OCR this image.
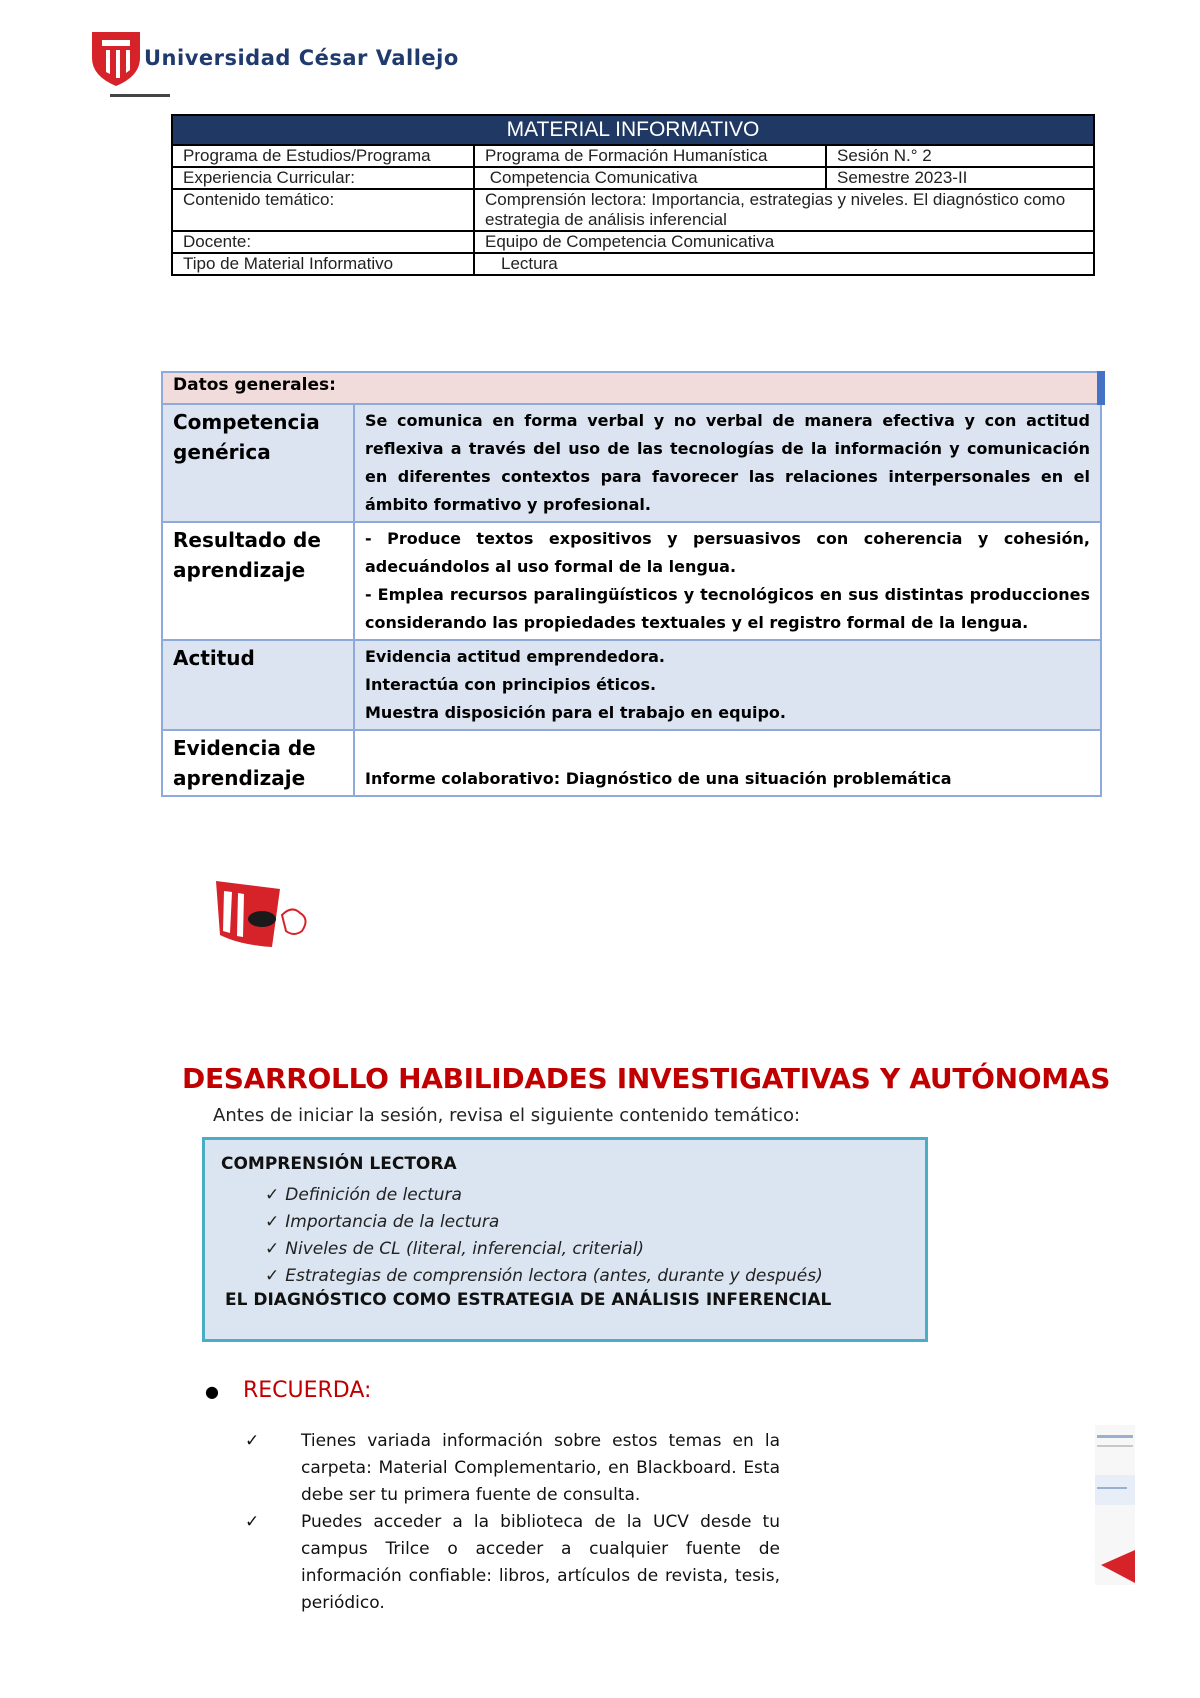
Universidad César Vallejo
MATERIAL INFORMATIVO		
Programa de Estudios/Programa	Programa de Formación Humanística	Sesión N.° 2
Experiencia Curricular:	Competencia Comunicativa	Semestre 2023-II
Contenido temático:	Comprensión lectora: Importancia, estrategias y niveles. El diagnóstico como estrategia de análisis inferencial	
Docente:	Equipo de Competencia Comunicativa	
Tipo de Material Informativo	Lectura	
Datos generales:	
Competencia genérica	Se comunica en forma verbal y no verbal de manera efectiva y con actitud reflexiva a través del uso de las tecnologías de la información y comunicación en diferentes contextos para favorecer las relaciones interpersonales en el ámbito formativo y profesional.
Resultado de aprendizaje	- Produce textos expositivos y persuasivos con coherencia y cohesión, adecuándolos al uso formal de la lengua.
- Emplea recursos paralingüísticos y tecnológicos en sus distintas producciones considerando las propiedades textuales y el registro formal de la lengua.

Actitud	Evidencia actitud emprendedora.
Interactúa con principios éticos.
Muestra disposición para el trabajo en equipo.

Evidencia de aprendizaje	Informe colaborativo: Diagnóstico de una situación problemática
DESARROLLO HABILIDADES INVESTIGATIVAS Y AUTÓNOMAS
Antes de iniciar la sesión, revisa el siguiente contenido temático:
COMPRENSIÓN LECTORA
✓ Definición de lectura
✓ Importancia de la lectura
✓ Niveles de CL (literal, inferencial, criterial)
✓ Estrategias de comprensión lectora (antes, durante y después)
EL DIAGNÓSTICO COMO ESTRATEGIA DE ANÁLISIS INFERENCIAL
● RECUERDA:
✓ Tienes variada información sobre estos temas en la carpeta: Material Complementario, en Blackboard. Esta debe ser tu primera fuente de consulta.
✓ Puedes acceder a la biblioteca de la UCV desde tu campus Trilce o acceder a cualquier fuente de información confiable: libros, artículos de revista, tesis, periódico.
